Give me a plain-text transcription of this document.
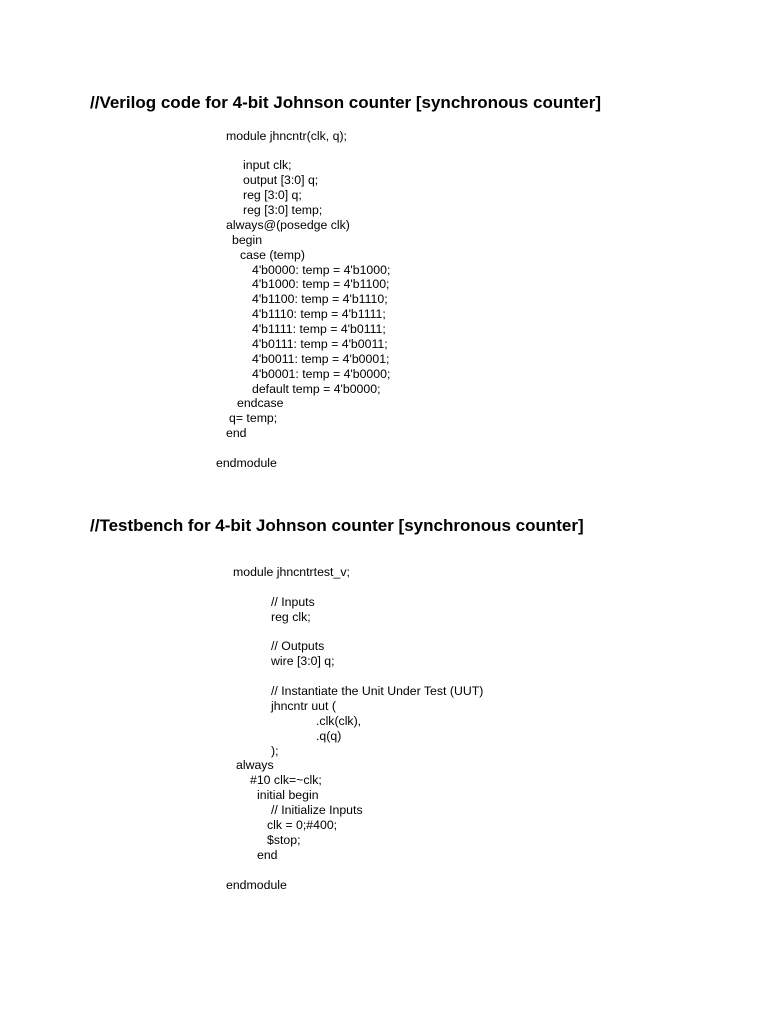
//Verilog code for 4-bit Johnson counter [synchronous counter]

module jhncntr(clk, q);

input clk;

output [3:0] q;

reg [3:0] q;

reg [3:0] temp;

always@(posedge clk)

begin

case (temp)

4'b0000: temp = 4'b1000;

4'b1000: temp = 4'b1100;

4'b1100: temp = 4'b1110;

4'b1110: temp = 4'b1111;

4'b1111: temp = 4'b0111;

4'b0111: temp = 4'b0011;

4'b0011: temp = 4'b0001;

4'b0001: temp = 4'b0000;

default temp = 4'b0000;

endcase

q= temp;

end

endmodule

//Testbench for 4-bit Johnson counter [synchronous counter]

module jhncntrtest_v;

// Inputs

reg clk;

// Outputs

wire [3:0] q;

// Instantiate the Unit Under Test (UUT)

jhncntr uut (

.clk(clk),

.q(q)

);

always

#10 clk=~clk;

initial begin

// Initialize Inputs

clk = 0;#400;

$stop;

end

endmodule
